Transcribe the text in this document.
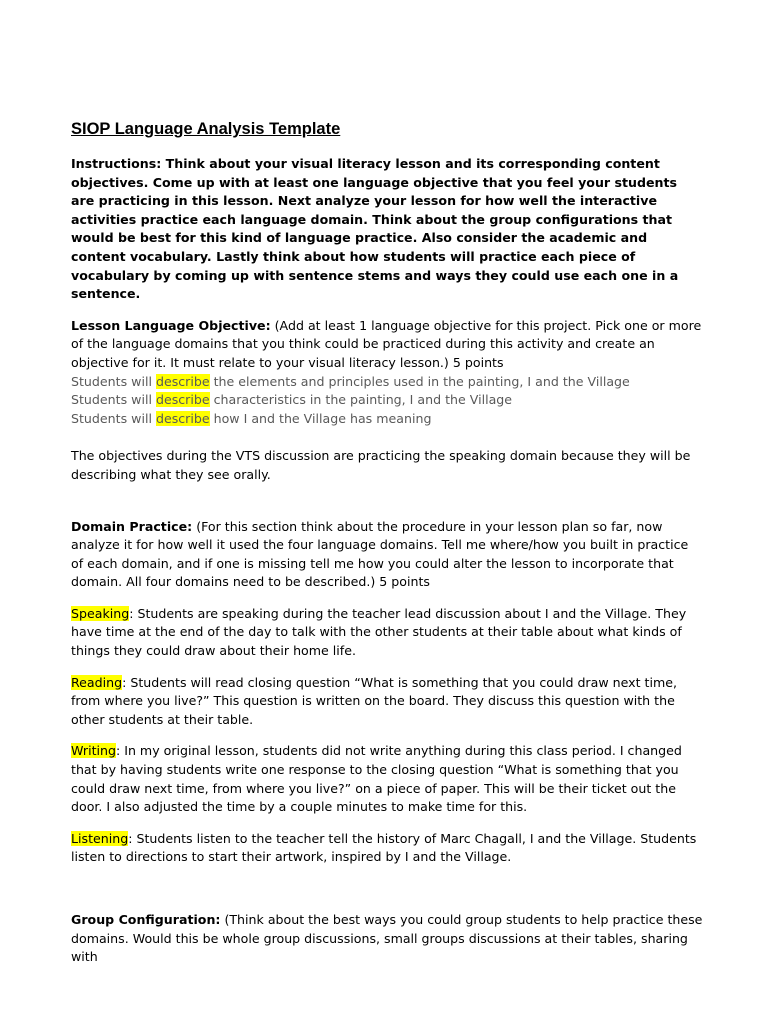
SIOP Language Analysis Template

Instructions: Think about your visual literacy lesson and its corresponding content objectives. Come up with at least one language objective that you feel your students are practicing in this lesson. Next analyze your lesson for how well the interactive activities practice each language domain. Think about the group configurations that would be best for this kind of language practice. Also consider the academic and content vocabulary. Lastly think about how students will practice each piece of vocabulary by coming up with sentence stems and ways they could use each one in a sentence.

Lesson Language Objective: (Add at least 1 language objective for this project. Pick one or more of the language domains that you think could be practiced during this activity and create an objective for it. It must relate to your visual literacy lesson.) 5 points

Students will describe the elements and principles used in the painting, I and the Village

Students will describe characteristics in the painting, I and the Village

Students will describe how I and the Village has meaning

The objectives during the VTS discussion are practicing the speaking domain because they will be describing what they see orally.

Domain Practice: (For this section think about the procedure in your lesson plan so far, now analyze it for how well it used the four language domains. Tell me where/how you built in practice of each domain, and if one is missing tell me how you could alter the lesson to incorporate that domain. All four domains need to be described.) 5 points

Speaking: Students are speaking during the teacher lead discussion about I and the Village. They have time at the end of the day to talk with the other students at their table about what kinds of things they could draw about their home life.

Reading: Students will read closing question “What is something that you could draw next time, from where you live?” This question is written on the board. They discuss this question with the other students at their table.

Writing: In my original lesson, students did not write anything during this class period. I changed that by having students write one response to the closing question “What is something that you could draw next time, from where you live?” on a piece of paper. This will be their ticket out the door. I also adjusted the time by a couple minutes to make time for this.

Listening: Students listen to the teacher tell the history of Marc Chagall, I and the Village. Students listen to directions to start their artwork, inspired by I and the Village.

Group Configuration: (Think about the best ways you could group students to help practice these domains. Would this be whole group discussions, small groups discussions at their tables, sharing with
